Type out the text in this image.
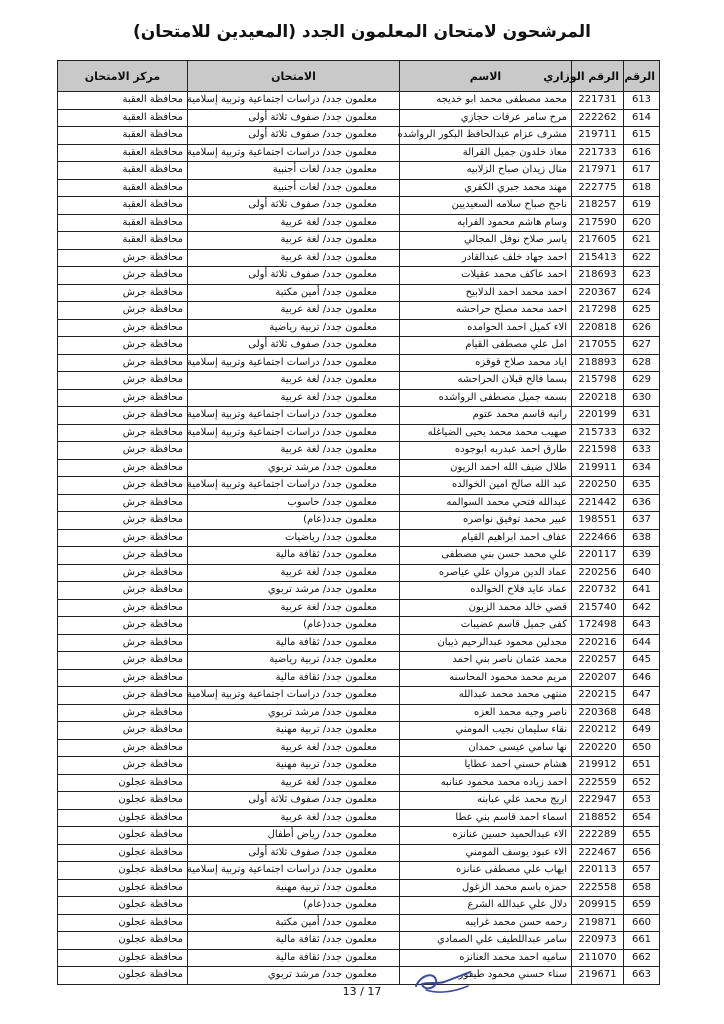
المرشحون لامتحان المعلمون الجدد (المعيدين للامتحان)
الرقم	الرقم الوزاري	الاسم	الامتحان	مركز الامتحان
613	221731	محمد مصطفى محمد ابو خديجه	معلمون جدد/ دراسات اجتماعية وتربية إسلامية	محافظة العقبة
614	222262	مرح سامر عرفات حجازي	معلمون جدد/ صفوف ثلاثة أولى	محافظة العقبة
615	219711	مشرف عزام عبدالحافظ البكور الرواشده	معلمون جدد/ صفوف ثلاثة أولى	محافظة العقبة
616	221733	معاذ خلدون جميل القرالة	معلمون جدد/ دراسات اجتماعية وتربية إسلامية	محافظة العقبة
617	217971	منال زيدان صباح الزلابيه	معلمون جدد/ لغات أجنبية	محافظة العقبة
618	222775	مهند محمد جبري الكفري	معلمون جدد/ لغات أجنبية	محافظة العقبة
619	218257	ناجح صباح سلامه السعيديين	معلمون جدد/ صفوف ثلاثة أولى	محافظة العقبة
620	217590	وسام هاشم محمود الفرايه	معلمون جدد/ لغة عربية	محافظة العقبة
621	217605	ياسر صلاح نوفل المجالي	معلمون جدد/ لغة عربية	محافظة العقبة
622	215413	احمد جهاد خلف عبدالقادر	معلمون جدد/ لغة عربية	محافظة جرش
623	218693	احمد عاكف محمد عقيلات	معلمون جدد/ صفوف ثلاثة أولى	محافظة جرش
624	220367	احمد محمد احمد الدلابيح	معلمون جدد/ أمين مكتبة	محافظة جرش
625	217298	احمد محمد مصلح حراحشه	معلمون جدد/ لغة عربية	محافظة جرش
626	220818	الاء كميل احمد الحوامده	معلمون جدد/ تربية رياضية	محافظة جرش
627	217055	امل علي مصطفى القيام	معلمون جدد/ صفوف ثلاثة أولى	محافظة جرش
628	218893	اياد محمد صلاح قوقزه	معلمون جدد/ دراسات اجتماعية وتربية إسلامية	محافظة جرش
629	215798	بسما فالح قبلان الحراحشه	معلمون جدد/ لغة عربية	محافظة جرش
630	220218	بسمه جميل مصطفى الرواشده	معلمون جدد/ لغة عربية	محافظة جرش
631	220199	رانيه قاسم محمد عتوم	معلمون جدد/ دراسات اجتماعية وتربية إسلامية	محافظة جرش
632	215733	صهيب محمد محمد يحيى الضياغله	معلمون جدد/ دراسات اجتماعية وتربية إسلامية	محافظة جرش
633	221598	طارق احمد عبدربه ابوجوده	معلمون جدد/ لغة عربية	محافظة جرش
634	219911	طلال ضيف الله احمد الزيون	معلمون جدد/ مرشد تربوي	محافظة جرش
635	220250	عبد الله صالح امين الخوالده	معلمون جدد/ دراسات اجتماعية وتربية إسلامية	محافظة جرش
636	221442	عبدالله فتحي محمد السوالمه	معلمون جدد/ حاسوب	محافظة جرش
637	198551	عبير محمد توفيق نواصره	معلمون جدد(عام)	محافظة جرش
638	222466	عفاف احمد ابراهيم القيام	معلمون جدد/ رياضيات	محافظة جرش
639	220117	علي محمد حسن بني مصطفى	معلمون جدد/ ثقافة مالية	محافظة جرش
640	220256	عماد الدين مروان علي عياصره	معلمون جدد/ لغة عربية	محافظة جرش
641	220732	عماد عايد فلاح الخوالده	معلمون جدد/ مرشد تربوي	محافظة جرش
642	215740	قصي خالد محمد الزيون	معلمون جدد/ لغة عربية	محافظة جرش
643	172498	كفى جميل قاسم عضيبات	معلمون جدد(عام)	محافظة جرش
644	220216	مجدلين محمود عبدالرحيم ذيبان	معلمون جدد/ ثقافة مالية	محافظة جرش
645	220257	محمد عثمان ناصر بني احمد	معلمون جدد/ تربية رياضية	محافظة جرش
646	220207	مريم محمد محمود المحاسنه	معلمون جدد/ ثقافة مالية	محافظة جرش
647	220215	منتهى محمد محمد عبدالله	معلمون جدد/ دراسات اجتماعية وتربية إسلامية	محافظة جرش
648	220368	ناصر وجيه محمد العزه	معلمون جدد/ مرشد تربوي	محافظة جرش
649	220212	نقاء سليمان نجيب المومني	معلمون جدد/ تربية مهنية	محافظة جرش
650	220220	نها سامي عيسى حمدان	معلمون جدد/ لغة عربية	محافظة جرش
651	219912	هشام حسني احمد عطايا	معلمون جدد/ تربية مهنية	محافظة جرش
652	222559	احمد زياده محمد محمود عنانبه	معلمون جدد/ لغة عربية	محافظة عجلون
653	222947	اريج محمد علي عبابنه	معلمون جدد/ صفوف ثلاثة أولى	محافظة عجلون
654	218852	اسماء احمد قاسم بني عطا	معلمون جدد/ لغة عربية	محافظة عجلون
655	222289	الاء عبدالحميد حسين عنانزه	معلمون جدد/ رياض أطفال	محافظة عجلون
656	222467	الاء عبود يوسف المومني	معلمون جدد/ صفوف ثلاثة أولى	محافظة عجلون
657	220113	ايهاب علي مصطفى عنانزه	معلمون جدد/ دراسات اجتماعية وتربية إسلامية	محافظة عجلون
658	222558	حمزه باسم محمد الزغول	معلمون جدد/ تربية مهنية	محافظة عجلون
659	209915	دلال علي عبدالله الشرع	معلمون جدد(عام)	محافظة عجلون
660	219871	رحمه حسن محمد غرايبه	معلمون جدد/ أمين مكتبة	محافظة عجلون
661	220973	سامر عبداللطيف علي الصمادي	معلمون جدد/ ثقافة مالية	محافظة عجلون
662	211070	ساميه احمد محمد العنانزه	معلمون جدد/ ثقافة مالية	محافظة عجلون
663	219671	سناء حسني محمود طيفور	معلمون جدد/ مرشد تربوي	محافظة عجلون
13 / 17
